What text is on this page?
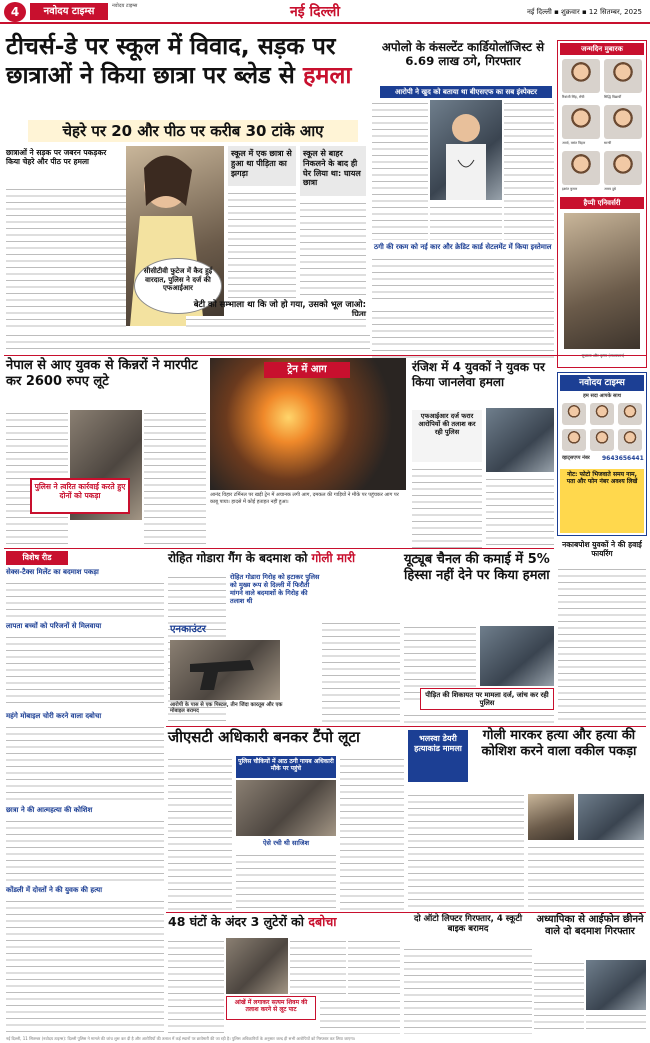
4	नवोदय टाइम्स	नवोदय टाइम्स	नई दिल्ली	नई दिल्ली ▪ शुक्रवार ▪ 12 सितम्बर, 2025
टीचर्स-डे पर स्कूल में विवाद, सड़क पर छात्राओं ने किया छात्रा पर ब्लेड से हमला
चेहरे पर 20 और पीठ पर करीब 30 टांके आए
छात्राओं ने सड़क पर जबरन पकड़कर किया चेहरे और पीठ पर हमला
सीसीटीवी फुटेज में कैद हुई वारदात, पुलिस ने दर्ज की एफआईआर
स्कूल में एक छात्रा से हुआ था पीड़िता का झगड़ा
स्कूल से बाहर निकलने के बाद ही घेर लिया था: घायल छात्रा
बेटी को सम्भाला था कि जो हो गया, उसको भूल जाओ:
अपोलो के कंसल्टेंट कार्डियोलॉजिस्ट से 6.69 लाख ठगे, गिरफ्तार
आरोपी ने खुद को बताया था बीएसएफ का सब इंस्पेक्टर
ठगी की रकम को नई कार और क्रेडिट कार्ड सेटलमेंट में किया इस्तेमाल
जन्मदिन मुबारक
रिवांशी सिंह, राँची	सिद्धि विद्यार्थी
आर्या, वसंत विहार	सान्वी
इशांत कुमार	आरव दुबे
हैप्पी एनिवर्सरी
नेपाल से आए युवक से किन्नरों ने मारपीट कर 2600 रुपए लूटे
पुलिस ने त्वरित कार्रवाई करते हुए दोनों को पकड़ा
ट्रेन में आग
आनंद विहार टर्मिनल पर खड़ी ट्रेन में अचानक लगी आग, दमकल की गाड़ियों ने मौके पर पहुंचकर आग पर काबू पाया। हादसे में कोई हताहत नहीं हुआ।
रंजिश में 4 युवकों ने युवक पर किया जानलेवा हमला
एफआईआर दर्ज फरार आरोपियों की तलाश कर रही पुलिस
नवोदय टाइम्स
हम सदा आपके साथ
व्हाट्सएप्प नंबर	9643656441
नोट: फोटो भिजवाते समय नाम, पता और फोन नंबर अवश्य लिखें
रोहित गोडारा गैंग के बदमाश को गोली मारी
रोहित गोडारा गिरोह को हटाकर पुलिस को मुख्य रूप से दिल्ली में फिरौती मांगने वाले बदमाशों के गिरोह की तलाश थी
एनकाउंटर
आरोपी के पास से एक पिस्टल, तीन जिंदा कारतूस और एक मोबाइल बरामद
विशेष रीड
सेक्स-टैक्स मिलेंट का बदमाश पकड़ा
लापता बच्चों को परिजनों से मिलवाया
महंगे मोबाइल चोरी करने वाला दबोचा
छात्रा ने की आत्महत्या की कोशिश
कोंडली में दोस्तों ने की युवक की हत्या
यूट्यूब चैनल की कमाई में 5% हिस्सा नहीं देने पर किया हमला
पीड़ित की शिकायत पर मामला दर्ज, जांच कर रही पुलिस
नकाबपोश युवकों ने की हवाई फायरिंग
जीएसटी अधिकारी बनकर टैंपो लूटा
पुलिस चौकियों में आठ ठगी गायब अधिकारी मौके पर पहुंचे
ऐसे रची थी साजिश
भलस्वा डेयरी हत्याकांड मामला
गोली मारकर हत्या और हत्या की कोशिश करने वाला वकील पकड़ा
48 घंटों के अंदर 3 लुटेरों को दबोचा
आंखें में लगाकर सत्यम शिवम की तलाश करने से लूट पाट
दो ऑटो लिफ्टर गिरफ्तार, 4 स्कूटी बाइक बरामद
अध्यापिका से आईफोन छीनने वाले दो बदमाश गिरफ्तार
नई दिल्ली, 11 सितम्बर (नवोदय टाइम्स): दिल्ली पुलिस ने मामले की जांच शुरू कर दी है और आरोपियों की तलाश में कई स्थानों पर छापेमारी की जा रही है। पुलिस अधिकारियों के अनुसार जल्द ही सभी आरोपियों को गिरफ्तार कर लिया जाएगा।
